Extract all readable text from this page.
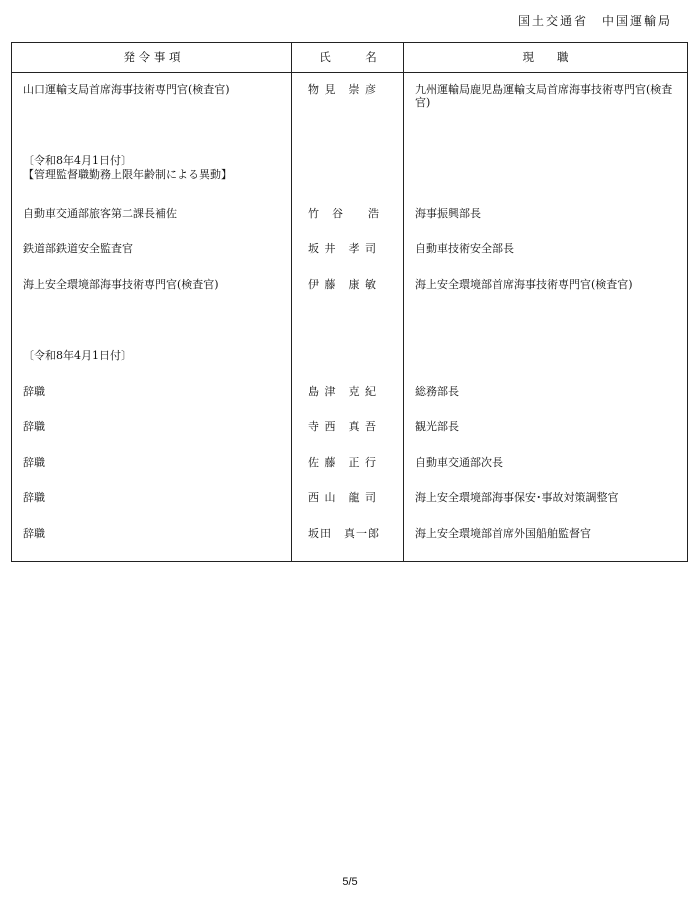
国土交通省　中国運輸局
発 令 事 項	氏　　　名	現　　職
山口運輸支局首席海事技術専門官(検査官)	物 見　崇 彦	九州運輸局鹿児島運輸支局首席海事技術専門官(検査官)
〔令和8年4月1日付〕
【管理監督職勤務上限年齢制による異動】
自動車交通部旅客第二課長補佐	竹　谷　　浩	海事振興部長
鉄道部鉄道安全監査官	坂 井　孝 司	自動車技術安全部長
海上安全環境部海事技術専門官(検査官)	伊 藤　康 敏	海上安全環境部首席海事技術専門官(検査官)
〔令和8年4月1日付〕
辞職	島 津　克 紀	総務部長
辞職	寺 西　真 吾	観光部長
辞職	佐 藤　正 行	自動車交通部次長
辞職	西 山　龍 司	海上安全環境部海事保安･事故対策調整官
辞職	坂田　真一郎	海上安全環境部首席外国船舶監督官
5/5
